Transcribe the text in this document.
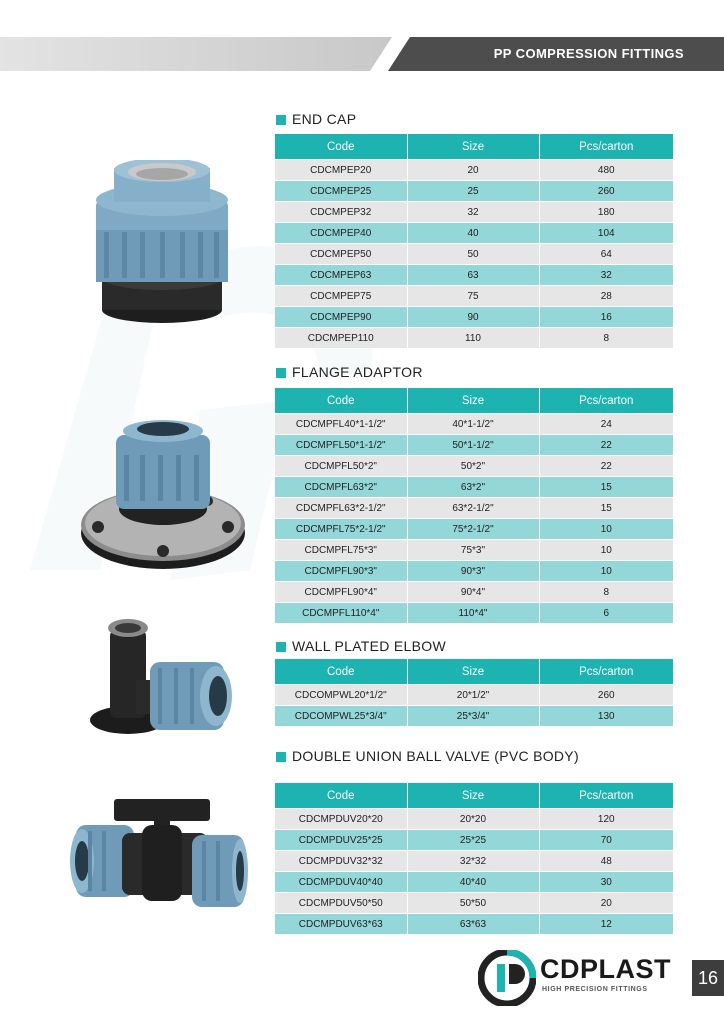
PP COMPRESSION FITTINGS
END CAP
Code	Size	Pcs/carton
CDCMPEP20	20	480
CDCMPEP25	25	260
CDCMPEP32	32	180
CDCMPEP40	40	104
CDCMPEP50	50	64
CDCMPEP63	63	32
CDCMPEP75	75	28
CDCMPEP90	90	16
CDCMPEP110	110	8
FLANGE ADAPTOR
Code	Size	Pcs/carton
CDCMPFL40*1-1/2"	40*1-1/2"	24
CDCMPFL50*1-1/2"	50*1-1/2"	22
CDCMPFL50*2"	50*2"	22
CDCMPFL63*2"	63*2"	15
CDCMPFL63*2-1/2"	63*2-1/2"	15
CDCMPFL75*2-1/2"	75*2-1/2"	10
CDCMPFL75*3"	75*3"	10
CDCMPFL90*3"	90*3"	10
CDCMPFL90*4"	90*4"	8
CDCMPFL110*4"	110*4"	6
WALL PLATED ELBOW
Code	Size	Pcs/carton
CDCOMPWL20*1/2"	20*1/2"	260
CDCOMPWL25*3/4"	25*3/4"	130
DOUBLE UNION BALL VALVE (PVC BODY)
Code	Size	Pcs/carton
CDCMPDUV20*20	20*20	120
CDCMPDUV25*25	25*25	70
CDCMPDUV32*32	32*32	48
CDCMPDUV40*40	40*40	30
CDCMPDUV50*50	50*50	20
CDCMPDUV63*63	63*63	12
CDPLAST
HIGH PRECISION FITTINGS
16
